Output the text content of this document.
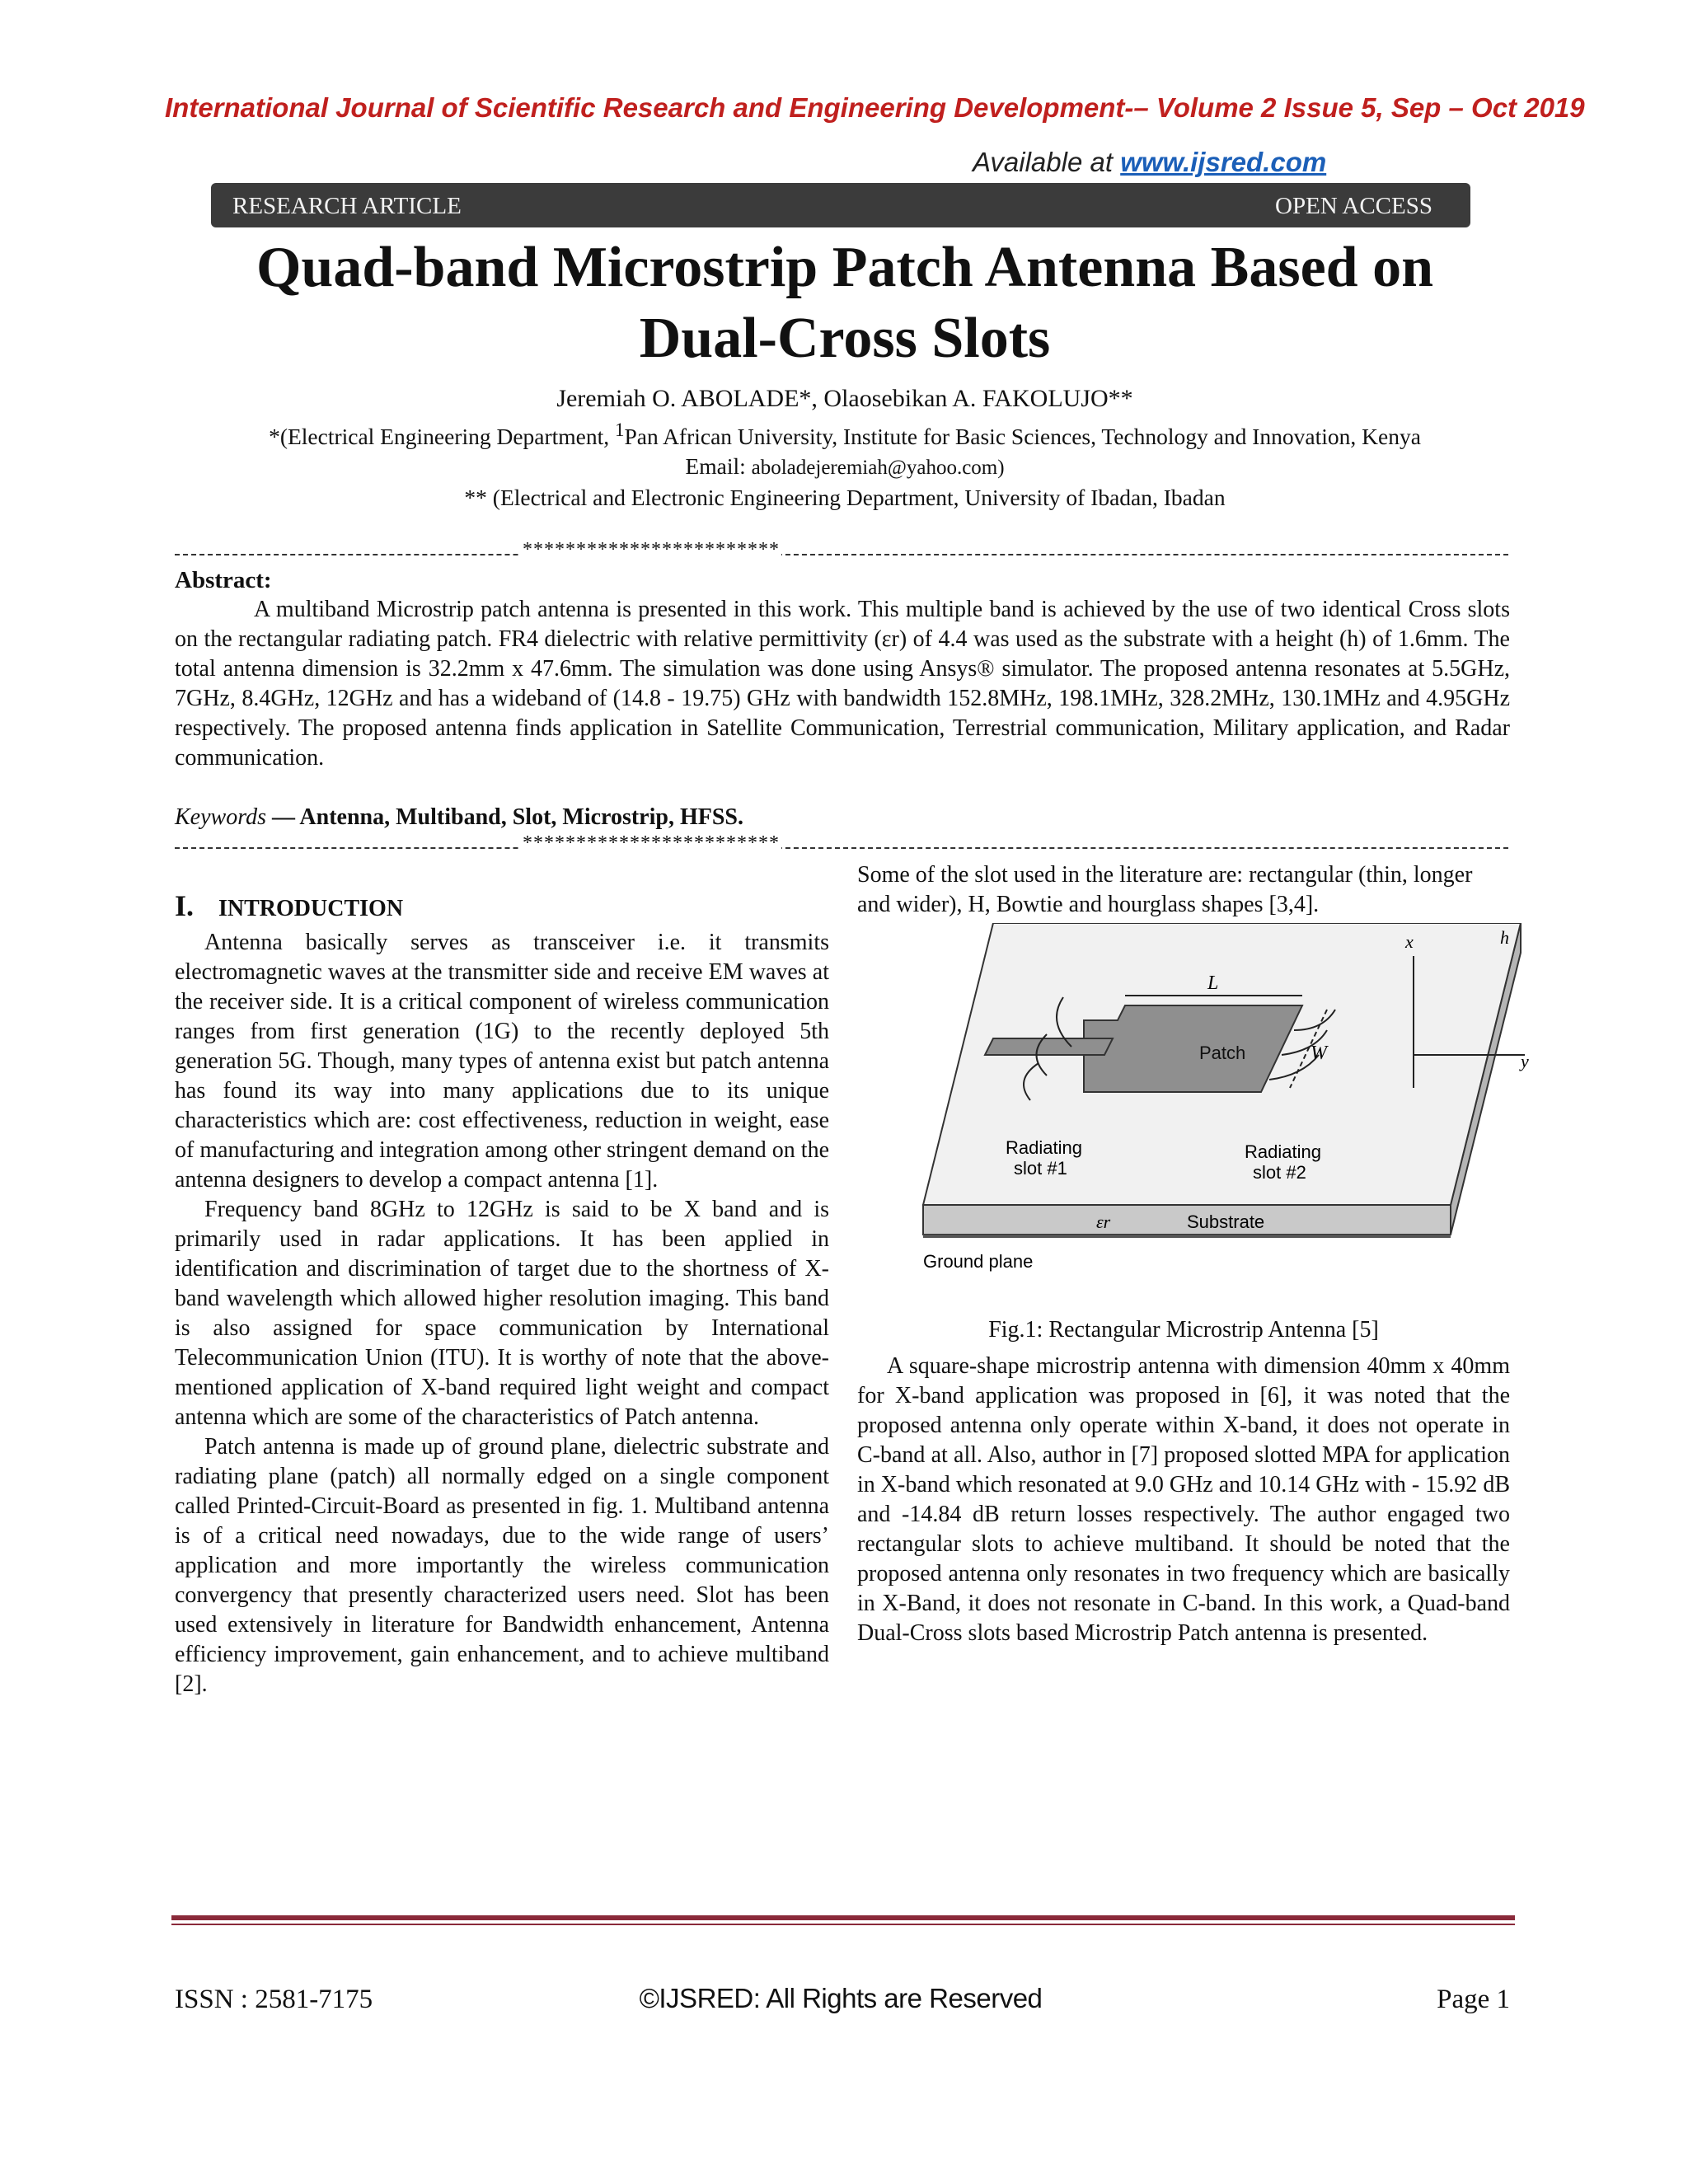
International Journal of Scientific Research and Engineering Development-– Volume 2 Issue 5, Sep – Oct 2019
Available at www.ijsred.com
RESEARCH ARTICLE	OPEN ACCESS
Quad-band Microstrip Patch Antenna Based on
Dual-Cross Slots
Jeremiah O. ABOLADE*, Olaosebikan A. FAKOLUJO**
*(Electrical Engineering Department, $^1$Pan African University, Institute for Basic Sciences, Technology and Innovation, Kenya
Email: aboladejeremiah@yahoo.com)
** (Electrical and Electronic Engineering Department, University of Ibadan, Ibadan
************************
Abstract:

A multiband Microstrip patch antenna is presented in this work. This multiple band is achieved by the use of two identical Cross slots on the rectangular radiating patch. FR4 dielectric with relative permittivity (εr) of 4.4 was used as the substrate with a height (h) of 1.6mm. The total antenna dimension is 32.2mm x 47.6mm. The simulation was done using Ansys® simulator. The proposed antenna resonates at 5.5GHz, 7GHz, 8.4GHz, 12GHz and has a wideband of (14.8 - 19.75) GHz with bandwidth 152.8MHz, 198.1MHz, 328.2MHz, 130.1MHz and 4.95GHz respectively. The proposed antenna finds application in Satellite Communication, Terrestrial communication, Military application, and Radar communication.

Keywords — Antenna, Multiband, Slot, Microstrip, HFSS.
************************
I. INTRODUCTION

Antenna basically serves as transceiver i.e. it transmits electromagnetic waves at the transmitter side and receive EM waves at the receiver side. It is a critical component of wireless communication ranges from first generation (1G) to the recently deployed 5th generation 5G. Though, many types of antenna exist but patch antenna has found its way into many applications due to its unique characteristics which are: cost effectiveness, reduction in weight, ease of manufacturing and integration among other stringent demand on the antenna designers to develop a compact antenna [1].

Frequency band 8GHz to 12GHz is said to be X band and is primarily used in radar applications. It has been applied in identification and discrimination of target due to the shortness of X-band wavelength which allowed higher resolution imaging. This band is also assigned for space communication by International Telecommunication Union (ITU). It is worthy of note that the above-mentioned application of X-band required light weight and compact antenna which are some of the characteristics of Patch antenna.

Patch antenna is made up of ground plane, dielectric substrate and radiating plane (patch) all normally edged on a single component called Printed-Circuit-Board as presented in fig. 1. Multiband antenna is of a critical need nowadays, due to the wide range of users’ application and more importantly the wireless communication convergency that presently characterized users need. Slot has been used extensively in literature for Bandwidth enhancement, Antenna efficiency improvement, gain enhancement, and to achieve multiband [2].

Some of the slot used in the literature are: rectangular (thin, longer and wider), H, Bowtie and hourglass shapes [3,4].

L
W
x
y
h
Patch
Radiating
slot #1
Radiating
slot #2
εr	Substrate
Ground plane
Fig.1: Rectangular Microstrip Antenna [5]

A square-shape microstrip antenna with dimension 40mm x 40mm for X-band application was proposed in [6], it was noted that the proposed antenna only operate within X-band, it does not operate in C-band at all. Also, author in [7] proposed slotted MPA for application in X-band which resonated at 9.0 GHz and 10.14 GHz with - 15.92 dB and -14.84 dB return losses respectively. The author engaged two rectangular slots to achieve multiband. It should be noted that the proposed antenna only resonates in two frequency which are basically in X-Band, it does not resonate in C-band. In this work, a Quad-band Dual-Cross slots based Microstrip Patch antenna is presented.

ISSN : 2581-7175	©IJSRED: All Rights are Reserved	Page 1
